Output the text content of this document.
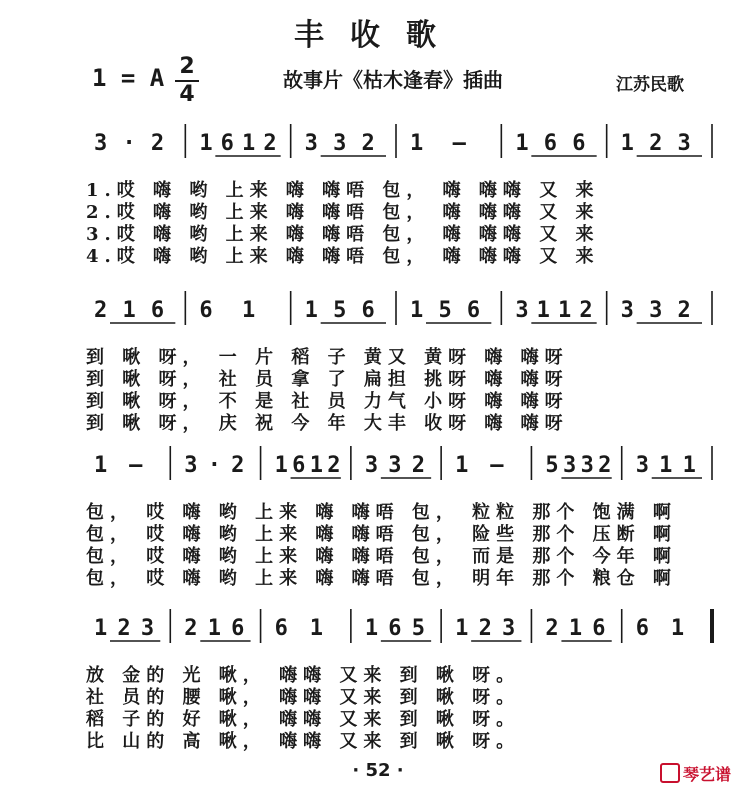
丰收歌
1 = A 2
4
故事片《枯木逢春》插曲	江苏民歌
3 · 2 1 6 1 2 3 3 2 1 — 1 6 6 1 2 3
2 1 6 6 1 1 5 6 1 5 6 3 1 1 2 3 3 2
1 — 3 · 2 1 6 1 2 3 3 2 1 — 5 3 3 2 3 1 1
1 2 3 2 1 6 6 1 1 6 5 1 2 3 2 1 6 6 1
1.哎 嗨 哟 上来 嗨 嗨唔 包， 嗨 嗨嗨 又 来
2.哎 嗨 哟 上来 嗨 嗨唔 包， 嗨 嗨嗨 又 来
3.哎 嗨 哟 上来 嗨 嗨唔 包， 嗨 嗨嗨 又 来
4.哎 嗨 哟 上来 嗨 嗨唔 包， 嗨 嗨嗨 又 来
到 啾 呀， 一 片 稻 子 黄又 黄呀 嗨 嗨呀
到 啾 呀， 社 员 拿 了 扁担 挑呀 嗨 嗨呀
到 啾 呀， 不 是 社 员 力气 小呀 嗨 嗨呀
到 啾 呀， 庆 祝 今 年 大丰 收呀 嗨 嗨呀
包， 哎 嗨 哟 上来 嗨 嗨唔 包， 粒粒 那个 饱满 啊
包， 哎 嗨 哟 上来 嗨 嗨唔 包， 险些 那个 压断 啊
包， 哎 嗨 哟 上来 嗨 嗨唔 包， 而是 那个 今年 啊
包， 哎 嗨 哟 上来 嗨 嗨唔 包， 明年 那个 粮仓 啊
放 金的 光 啾， 嗨嗨 又来 到 啾 呀。
社 员的 腰 啾， 嗨嗨 又来 到 啾 呀。
稻 子的 好 啾， 嗨嗨 又来 到 啾 呀。
比 山的 高 啾， 嗨嗨 又来 到 啾 呀。
· 52 ·	琴艺谱
